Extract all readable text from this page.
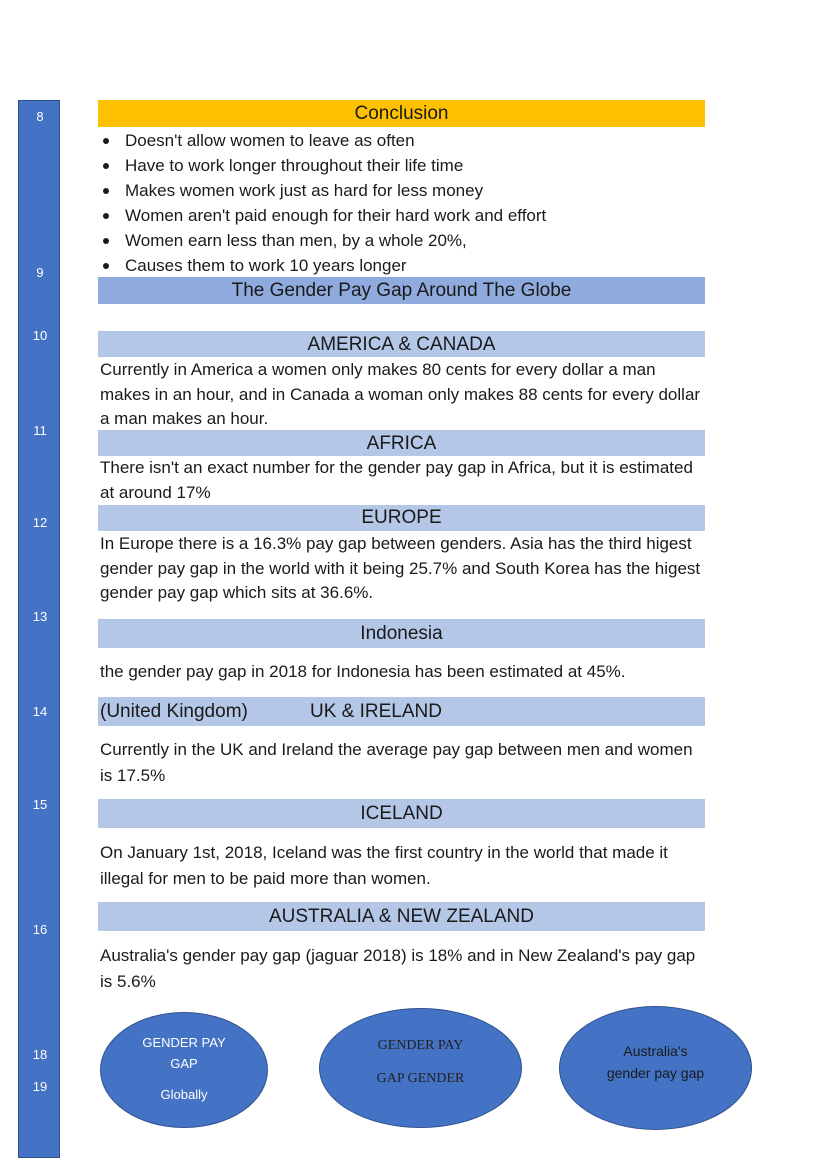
8
9
10
11
12
13
14
15
16
18
19
Conclusion
Doesn't allow women to leave as often
Have to work longer throughout their life time
Makes women work just as hard for less money
Women aren't paid enough for their hard work and effort
Women earn less than men, by a whole 20%,
Causes them to work 10 years longer
The Gender Pay Gap Around The Globe
AMERICA & CANADA
Currently in America a women only makes 80 cents for every dollar a man makes in an hour, and in Canada a woman only makes 88 cents for every dollar a man makes an hour.
AFRICA
There isn't an exact number for the gender pay gap in Africa, but it is estimated at around 17%
EUROPE
In Europe there is a 16.3% pay gap between genders. Asia has the third higest gender pay gap in the world with it being 25.7% and South Korea has the higest gender pay gap which sits at 36.6%.
Indonesia
the gender pay gap in 2018 for Indonesia has been estimated at 45%.
(United Kingdom)	UK & IRELAND
Currently in the UK and Ireland the average pay gap between men and women is 17.5%
ICELAND
On January 1st, 2018, Iceland was the first country in the world that made it illegal for men to be paid more than women.
AUSTRALIA & NEW ZEALAND
Australia's gender pay gap (jaguar 2018) is 18% and in New Zealand's pay gap is 5.6%
GENDER PAY
GAP
Globally
GENDER PAY
GAP GENDER
Australia's
gender pay gap
